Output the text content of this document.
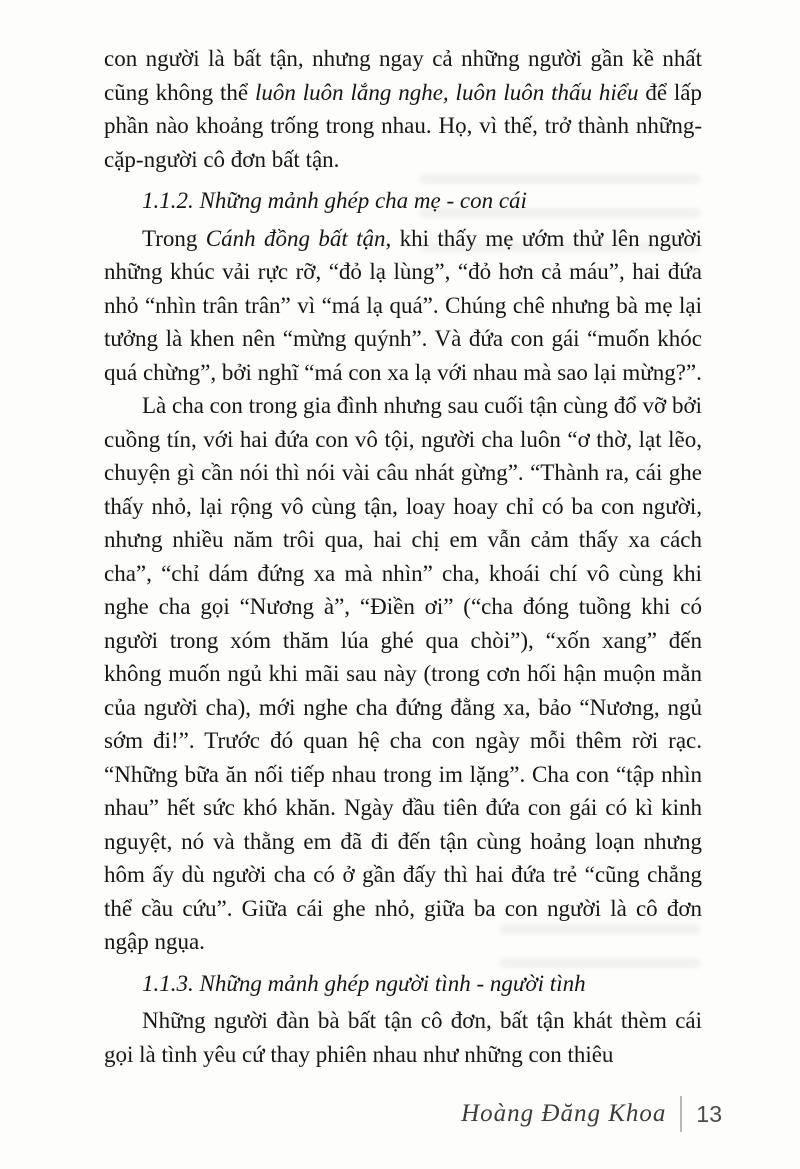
con người là bất tận, nhưng ngay cả những người gần kề nhất cũng không thể luôn luôn lắng nghe, luôn luôn thấu hiểu để lấp phần nào khoảng trống trong nhau. Họ, vì thế, trở thành những-cặp-người cô đơn bất tận.

1.1.2. Những mảnh ghép cha mẹ - con cái

Trong Cánh đồng bất tận, khi thấy mẹ ướm thử lên người những khúc vải rực rỡ, “đỏ lạ lùng”, “đỏ hơn cả máu”, hai đứa nhỏ “nhìn trân trân” vì “má lạ quá”. Chúng chê nhưng bà mẹ lại tưởng là khen nên “mừng quýnh”. Và đứa con gái “muốn khóc quá chừng”, bởi nghĩ “má con xa lạ với nhau mà sao lại mừng?”.

Là cha con trong gia đình nhưng sau cuối tận cùng đổ vỡ bởi cuồng tín, với hai đứa con vô tội, người cha luôn “ơ thờ, lạt lẽo, chuyện gì cần nói thì nói vài câu nhát gừng”. “Thành ra, cái ghe thấy nhỏ, lại rộng vô cùng tận, loay hoay chỉ có ba con người, nhưng nhiều năm trôi qua, hai chị em vẫn cảm thấy xa cách cha”, “chỉ dám đứng xa mà nhìn” cha, khoái chí vô cùng khi nghe cha gọi “Nương à”, “Điền ơi” (“cha đóng tuồng khi có người trong xóm thăm lúa ghé qua chòi”), “xốn xang” đến không muốn ngủ khi mãi sau này (trong cơn hối hận muộn mằn của người cha), mới nghe cha đứng đằng xa, bảo “Nương, ngủ sớm đi!”. Trước đó quan hệ cha con ngày mỗi thêm rời rạc. “Những bữa ăn nối tiếp nhau trong im lặng”. Cha con “tập nhìn nhau” hết sức khó khăn. Ngày đầu tiên đứa con gái có kì kinh nguyệt, nó và thằng em đã đi đến tận cùng hoảng loạn nhưng hôm ấy dù người cha có ở gần đấy thì hai đứa trẻ “cũng chẳng thể cầu cứu”. Giữa cái ghe nhỏ, giữa ba con người là cô đơn ngập ngụa.

1.1.3. Những mảnh ghép người tình - người tình

Những người đàn bà bất tận cô đơn, bất tận khát thèm cái gọi là tình yêu cứ thay phiên nhau như những con thiêu

Hoàng Đăng Khoa 13
